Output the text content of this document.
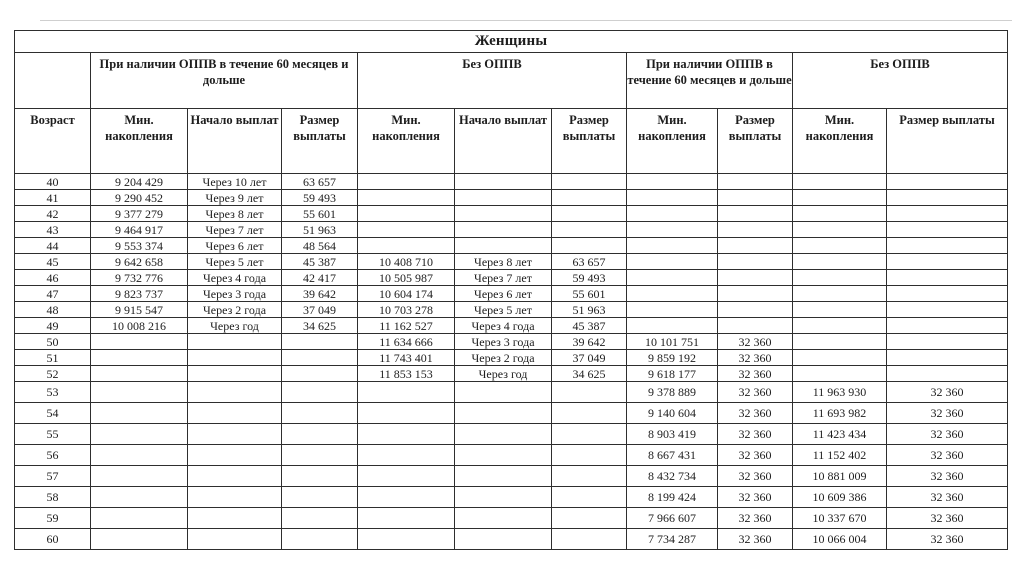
Женщины										
	При наличии ОППВ в течение 60 месяцев и дольше			Без ОППВ			При наличии ОППВ в течение 60 месяцев и дольше		Без ОППВ	
Возраст	Мин. накопления	Начало выплат	Размер выплаты	Мин. накопления	Начало выплат	Размер выплаты	Мин. накопления	Размер выплаты	Мин. накопления	Размер выплаты
40	9 204 429	Через 10 лет	63 657							
41	9 290 452	Через 9 лет	59 493							
42	9 377 279	Через 8 лет	55 601							
43	9 464 917	Через 7 лет	51 963							
44	9 553 374	Через 6 лет	48 564							
45	9 642 658	Через 5 лет	45 387	10 408 710	Через 8 лет	63 657				
46	9 732 776	Через 4 года	42 417	10 505 987	Через 7 лет	59 493				
47	9 823 737	Через 3 года	39 642	10 604 174	Через 6 лет	55 601				
48	9 915 547	Через 2 года	37 049	10 703 278	Через 5 лет	51 963				
49	10 008 216	Через год	34 625	11 162 527	Через 4 года	45 387				
50				11 634 666	Через 3 года	39 642	10 101 751	32 360		
51				11 743 401	Через 2 года	37 049	9 859 192	32 360		
52				11 853 153	Через год	34 625	9 618 177	32 360		
53							9 378 889	32 360	11 963 930	32 360
54							9 140 604	32 360	11 693 982	32 360
55							8 903 419	32 360	11 423 434	32 360
56							8 667 431	32 360	11 152 402	32 360
57							8 432 734	32 360	10 881 009	32 360
58							8 199 424	32 360	10 609 386	32 360
59							7 966 607	32 360	10 337 670	32 360
60							7 734 287	32 360	10 066 004	32 360
